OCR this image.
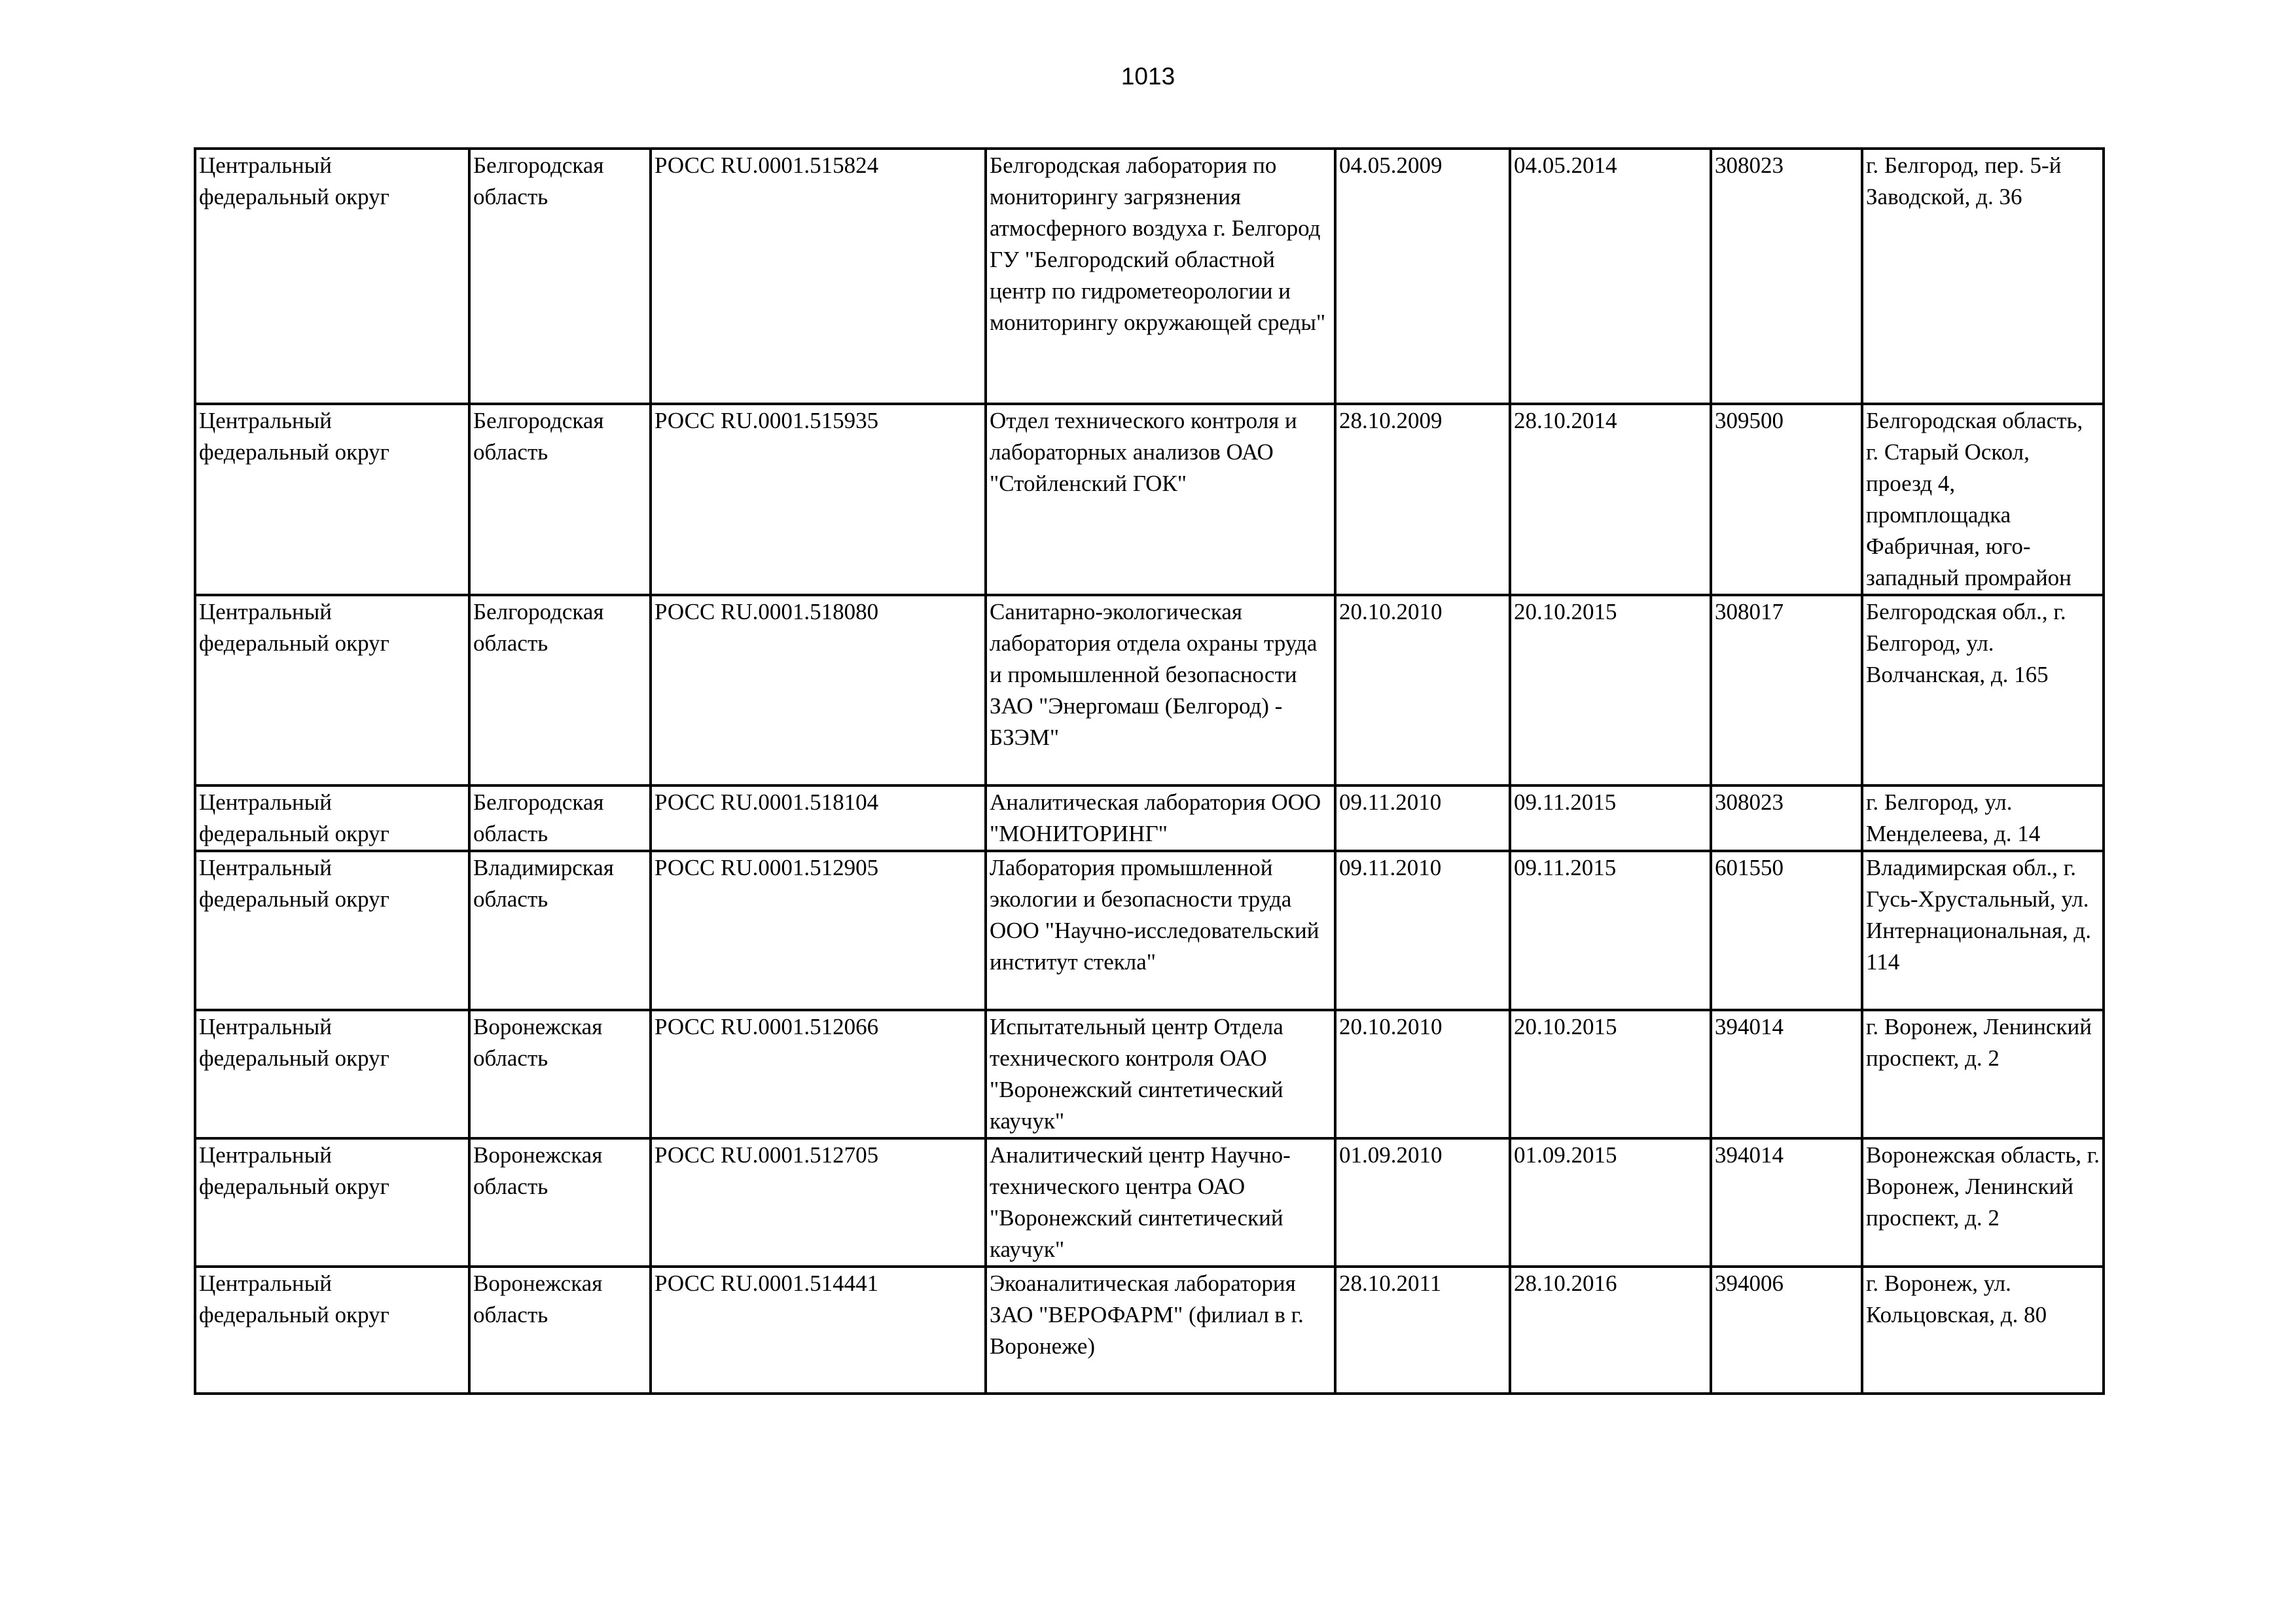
1013
Центральный федеральный округ	Белгородская область	РОСС RU.0001.515824	Белгородская лаборатория по мониторингу загрязнения атмосферного воздуха г. Белгород ГУ "Белгородский областной центр по гидрометеорологии и мониторингу окружающей среды"	04.05.2009	04.05.2014	308023	г. Белгород, пер. 5-й Заводской, д. 36
Центральный федеральный округ	Белгородская область	РОСС RU.0001.515935	Отдел технического контроля и лабораторных анализов ОАО "Стойленский ГОК"	28.10.2009	28.10.2014	309500	Белгородская область, г. Старый Оскол, проезд 4, промплощадка Фабричная, юго-западный промрайон
Центральный федеральный округ	Белгородская область	РОСС RU.0001.518080	Санитарно-экологическая лаборатория отдела охраны труда и промышленной безопасности ЗАО "Энергомаш (Белгород) - БЗЭМ"	20.10.2010	20.10.2015	308017	Белгородская обл., г. Белгород, ул. Волчанская, д. 165
Центральный федеральный округ	Белгородская область	РОСС RU.0001.518104	Аналитическая лаборатория ООО "МОНИТОРИНГ"	09.11.2010	09.11.2015	308023	г. Белгород, ул. Менделеева, д. 14
Центральный федеральный округ	Владимирская область	РОСС RU.0001.512905	Лаборатория промышленной экологии и безопасности труда ООО "Научно-исследовательский институт стекла"	09.11.2010	09.11.2015	601550	Владимирская обл., г. Гусь-Хрустальный, ул. Интернациональная, д. 114
Центральный федеральный округ	Воронежская область	РОСС RU.0001.512066	Испытательный центр Отдела технического контроля ОАО "Воронежский синтетический каучук"	20.10.2010	20.10.2015	394014	г. Воронеж, Ленинский проспект, д. 2
Центральный федеральный округ	Воронежская область	РОСС RU.0001.512705	Аналитический центр Научно-технического центра ОАО "Воронежский синтетический каучук"	01.09.2010	01.09.2015	394014	Воронежская область, г. Воронеж, Ленинский проспект, д. 2
Центральный федеральный округ	Воронежская область	РОСС RU.0001.514441	Экоаналитическая лаборатория ЗАО "ВЕРОФАРМ" (филиал в г. Воронеже)	28.10.2011	28.10.2016	394006	г. Воронеж, ул. Кольцовская, д. 80
